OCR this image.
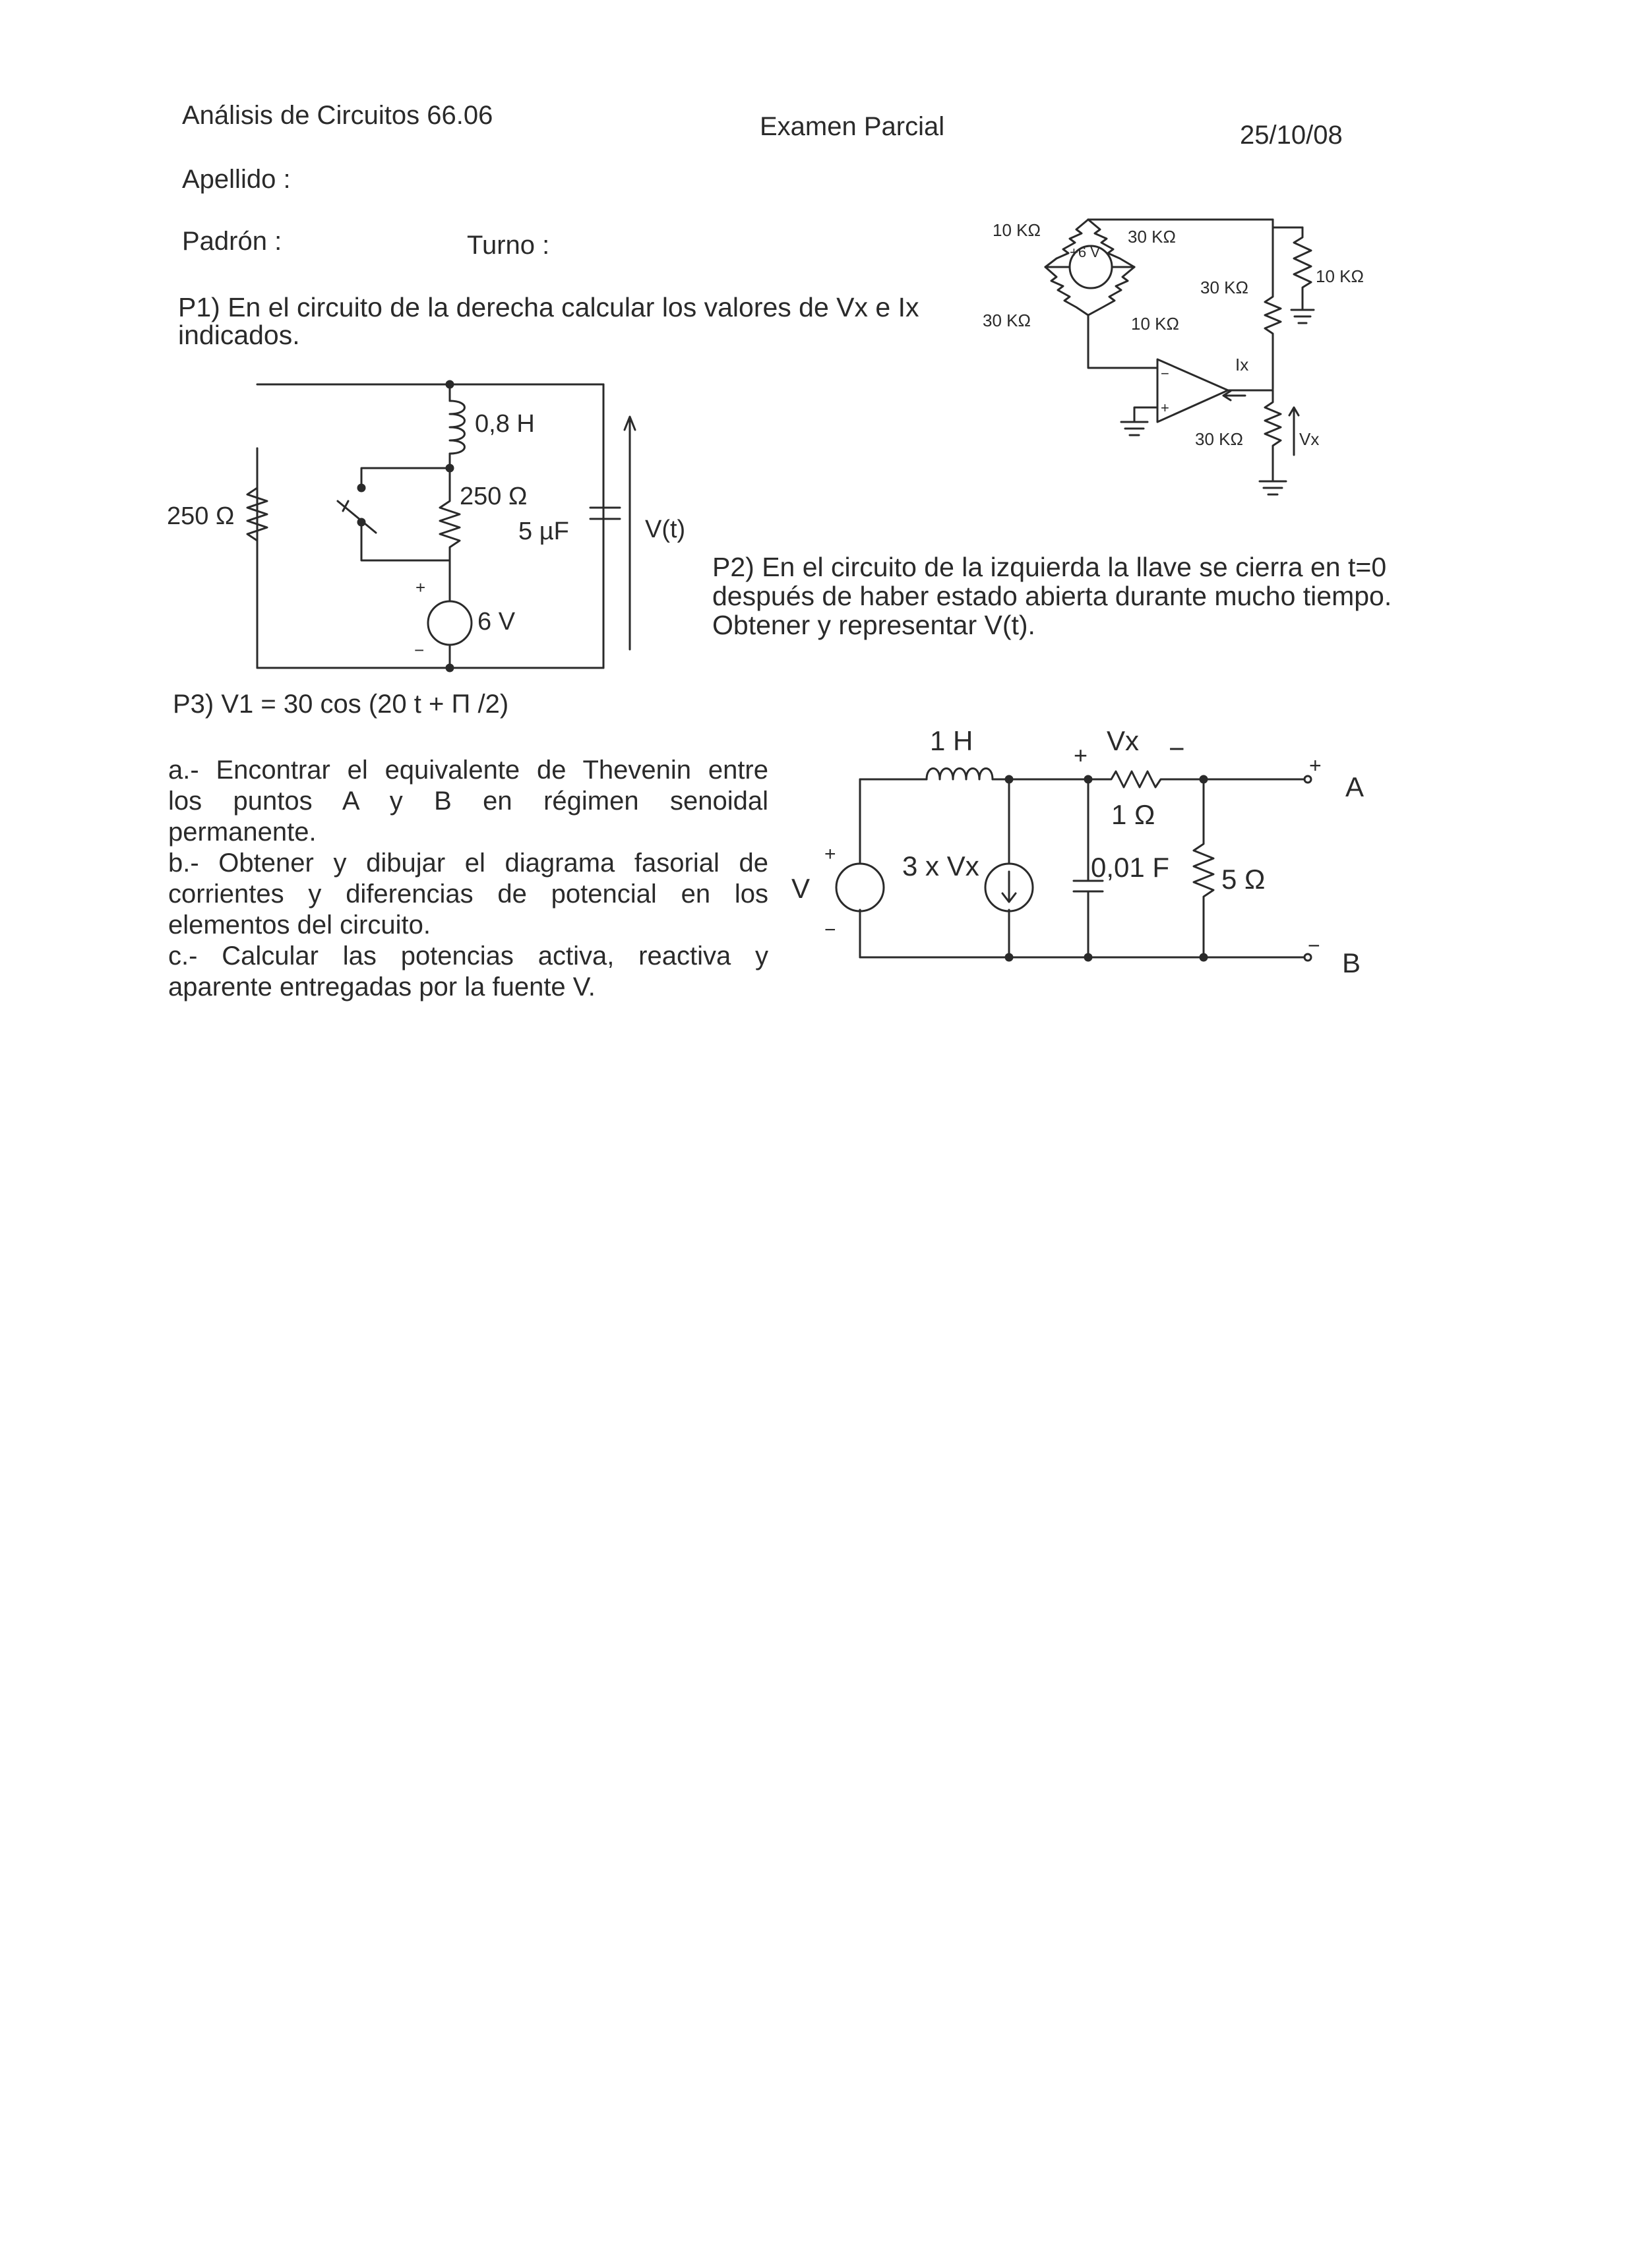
Análisis de Circuitos 66.06	Examen Parcial	25/10/08
Apellido :
Padrón :	Turno :
P1) En el circuito de la derecha calcular los valores de Vx e Ix
indicados.
P2) En el circuito de la izquierda la llave se cierra en t=0
después de haber estado abierta durante mucho tiempo.
Obtener y representar V(t).
P3) V1 = 30 cos (20 t + Π /2)
a.- Encontrar el equivalente de Thevenin entre
los puntos A y B en régimen senoidal
permanente.
b.- Obtener y dibujar el diagrama fasorial de
corrientes y diferencias de potencial en los
elementos del circuito.
c.- Calcular las potencias activa, reactiva y
aparente entregadas por la fuente V.
10 KΩ	30 KΩ
+6 V
30 KΩ	10 KΩ
30 KΩ
10 KΩ
Ix
30 KΩ	Vx
−
+
0,8 H
250 Ω
250 Ω
5 µF
6 V
V(t)
+
−
1 H	+ Vx −
1 Ω
V
+
−
3 x Vx	0,01 F 5 Ω
A
B
+
−
